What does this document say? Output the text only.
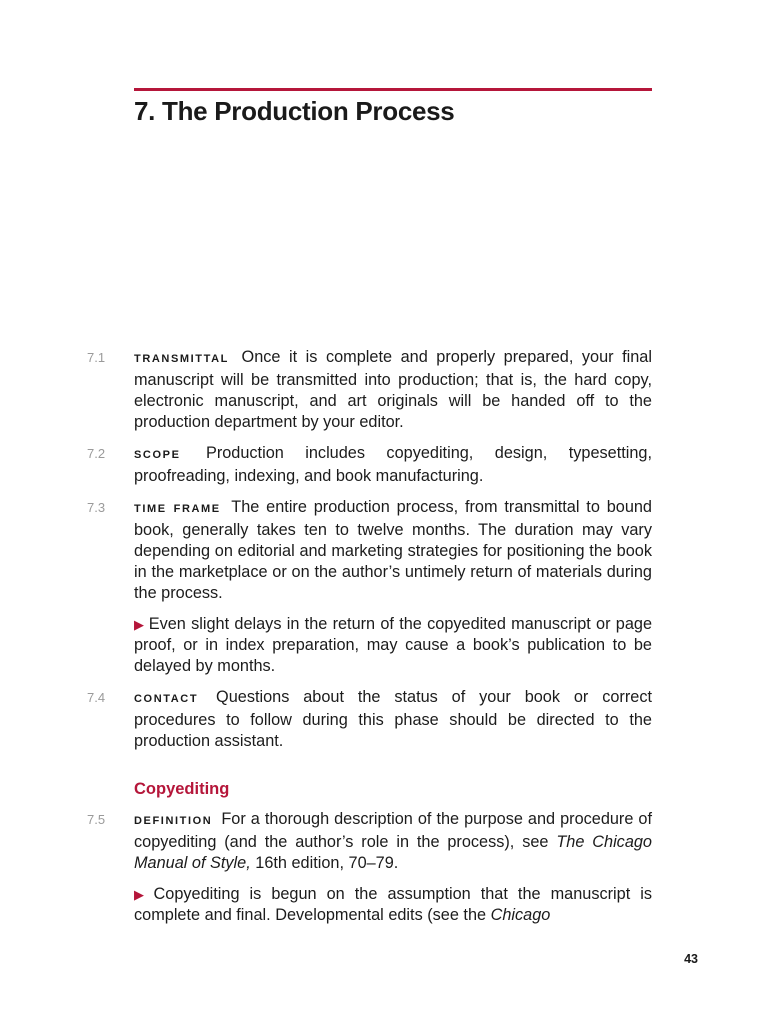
7. The Production Process

7.1	TRANSMITTAL Once it is complete and properly prepared, your final manuscript will be transmitted into production; that is, the hard copy, electronic manuscript, and art originals will be handed off to the production department by your editor.

7.2	SCOPE Production includes copyediting, design, typesetting, proofreading, indexing, and book manufacturing.

7.3	TIME FRAME The entire production process, from transmittal to bound book, generally takes ten to twelve months. The duration may vary depending on editorial and marketing strategies for positioning the book in the marketplace or on the author’s untimely return of materials during the process.

▶ Even slight delays in the return of the copyedited manuscript or page proof, or in index preparation, may cause a book’s publication to be delayed by months.

7.4	CONTACT Questions about the status of your book or correct procedures to follow during this phase should be directed to the production assistant.

Copyediting

7.5	DEFINITION For a thorough description of the purpose and procedure of copyediting (and the author’s role in the process), see The Chicago Manual of Style, 16th edition, 70–79.

▶ Copyediting is begun on the assumption that the manuscript is complete and final. Developmental edits (see the Chicago

43
